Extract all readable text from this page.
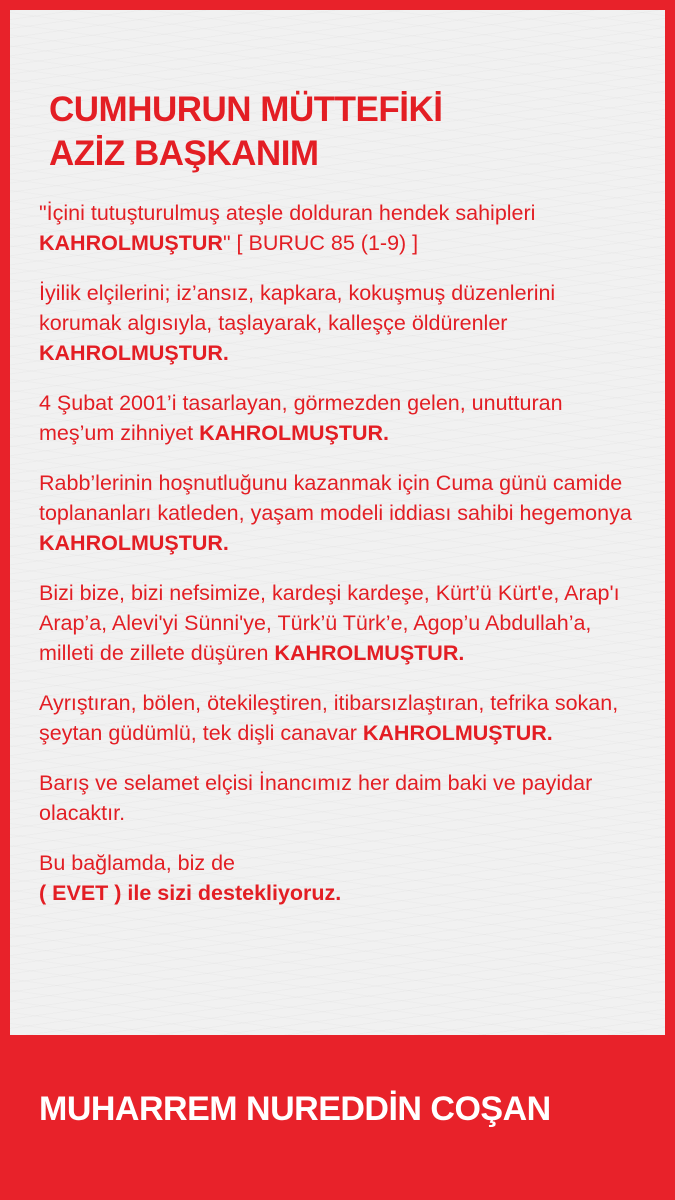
CUMHURUN MÜTTEFİKİ
AZİZ BAŞKANIM

"İçini tutuşturulmuş ateşle dolduran hendek sahipleri KAHROLMUŞTUR" [ BURUC 85 (1-9) ]

İyilik elçilerini; iz’ansız, kapkara, kokuşmuş düzenlerini korumak algısıyla, taşlayarak, kalleşçe öldürenler KAHROLMUŞTUR.

4 Şubat 2001’i tasarlayan, görmezden gelen, unutturan meş’um zihniyet KAHROLMUŞTUR.

Rabb’lerinin hoşnutluğunu kazanmak için Cuma günü camide toplananları katleden, yaşam modeli iddiası sahibi hegemonya KAHROLMUŞTUR.

Bizi bize, bizi nefsimize, kardeşi kardeşe, Kürt’ü Kürt'e, Arap'ı Arap’a, Alevi'yi Sünni'ye, Türk’ü Türk’e, Agop’u Abdullah’a, milleti de zillete düşüren KAHROLMUŞTUR.

Ayrıştıran, bölen, ötekileştiren, itibarsızlaştıran, tefrika sokan, şeytan güdümlü, tek dişli canavar KAHROLMUŞTUR.

Barış ve selamet elçisi İnancımız her daim baki ve payidar olacaktır.

Bu bağlamda, biz de
( EVET ) ile sizi destekliyoruz.

MUHARREM NUREDDİN COŞAN
